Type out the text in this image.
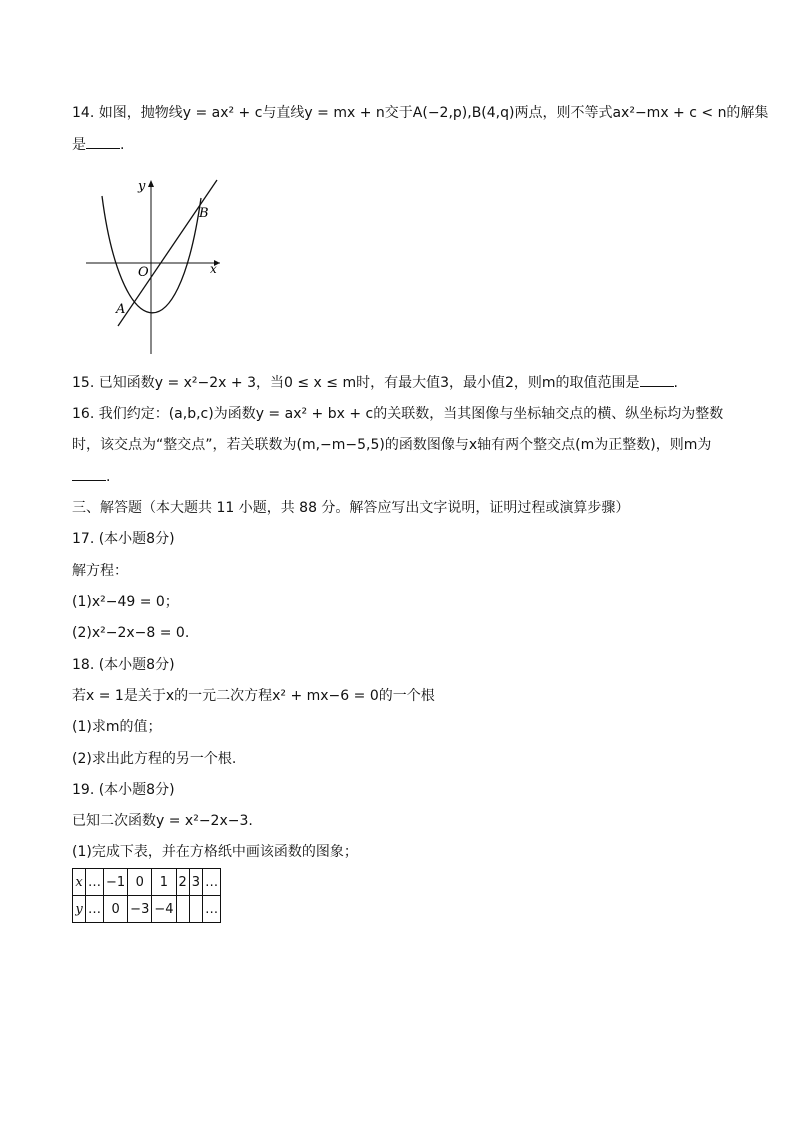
14. 如图，抛物线y = ax² + c与直线y = mx + n交于A(−2,p),B(4,q)两点，则不等式ax²−mx + c < n的解集
是 .
y
x
O
A
B
15. 已知函数y = x²−2x + 3，当0 ≤ x ≤ m时，有最大值3，最小值2，则m的取值范围是 .
16. 我们约定：(a,b,c)为函数y = ax² + bx + c的关联数，当其图像与坐标轴交点的横、纵坐标均为整数
时，该交点为“整交点”，若关联数为(m,−m−5,5)的函数图像与x轴有两个整交点(m为正整数)，则m为
.
三、解答题（本大题共 11 小题，共 88 分。解答应写出文字说明，证明过程或演算步骤）
17. (本小题8分)
解方程：
(1)x²−49 = 0；
(2)x²−2x−8 = 0.
18. (本小题8分)
若x = 1是关于x的一元二次方程x² + mx−6 = 0的一个根
(1)求m的值；
(2)求出此方程的另一个根.
19. (本小题8分)
已知二次函数y = x²−2x−3.
(1)完成下表，并在方格纸中画该函数的图象；
x	…	−1	0	1	2	3	…
y	…	0	−3	−4			…
